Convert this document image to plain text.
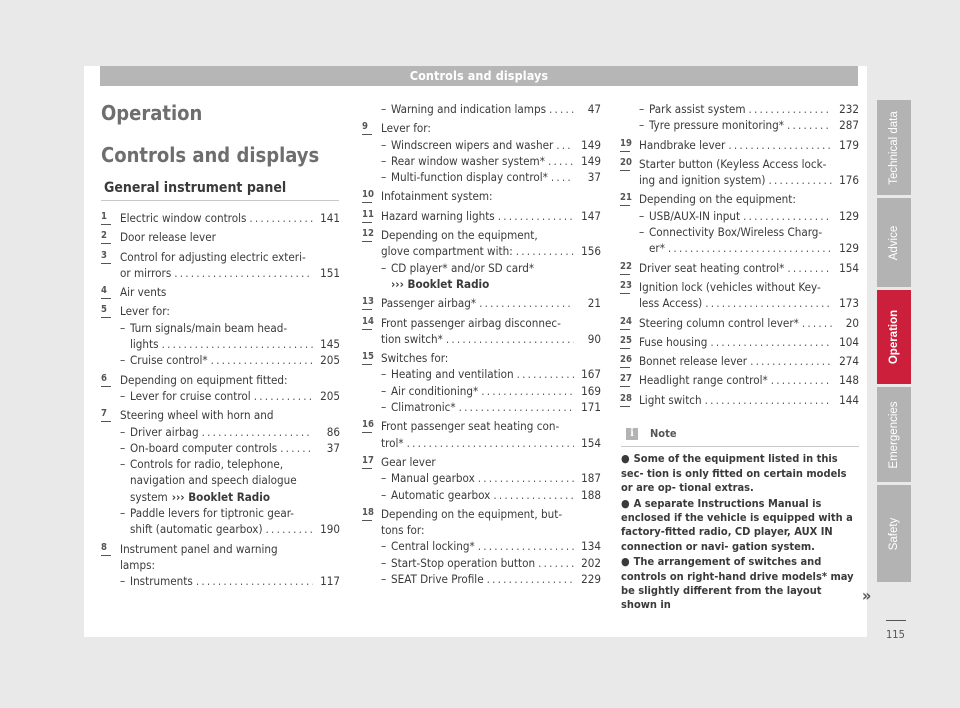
Controls and displays
Operation
Controls and displays
General instrument panel
1	Electric window controls .....	141
2	Door release lever
3	Control for adjusting electric exteri-
or mirrors .....	151
4	Air vents
5	Lever for:
– Turn signals/main beam head-
lights .....	145
– Cruise control* .....	205
6	Depending on equipment fitted:
– Lever for cruise control .....	205
7	Steering wheel with horn and
– Driver airbag .....	86
– On-board computer controls .....	37
– Controls for radio, telephone,
navigation and speech dialogue
system ››› Booklet Radio
– Paddle levers for tiptronic gear-
shift (automatic gearbox) .....	190
8	Instrument panel and warning
lamps:
– Instruments .....	117
– Warning and indication lamps .....	47
9	Lever for:
– Windscreen wipers and washer .....	149
– Rear window washer system* .....	149
– Multi-function display control* .....	37
10 Infotainment system:
11 Hazard warning lights .....	147
12 Depending on the equipment,
glove compartment with: .....	156
– CD player* and/or SD card*
››› Booklet Radio
13 Passenger airbag* .....	21
14 Front passenger airbag disconnec-
tion switch* .....	90
15 Switches for:
– Heating and ventilation .....	167
– Air conditioning* .....	169
– Climatronic* .....	171
16 Front passenger seat heating con-
trol* .....	154
17 Gear lever
– Manual gearbox .....	187
– Automatic gearbox .....	188
18 Depending on the equipment, but-
tons for:
– Central locking* .....	134
– Start-Stop operation button .....	202
– SEAT Drive Profile .....	229
– Park assist system .....	232
– Tyre pressure monitoring* .....	287
19 Handbrake lever .....	179
20 Starter button (Keyless Access lock-
ing and ignition system) .....	176
21 Depending on the equipment:
– USB/AUX-IN input .....	129
– Connectivity Box/Wireless Charg-
er* .....	129
22 Driver seat heating control* .....	154
23 Ignition lock (vehicles without Key-
less Access) .....	173
24 Steering column control lever* .....	20
25 Fuse housing .....	104
26 Bonnet release lever .....	274
27 Headlight range control* .....	148
28 Light switch .....	144
i	Note
● Some of the equipment listed in this sec- tion is only fitted on certain models or are op- tional extras.
● A separate Instructions Manual is enclosed if the vehicle is equipped with a factory-fitted radio, CD player, AUX IN connection or navi- gation system.
● The arrangement of switches and controls on right-hand drive models* may be slightly different from the layout shown in	»
115
Technical data
Advice
Operation
Emergencies
Safety
